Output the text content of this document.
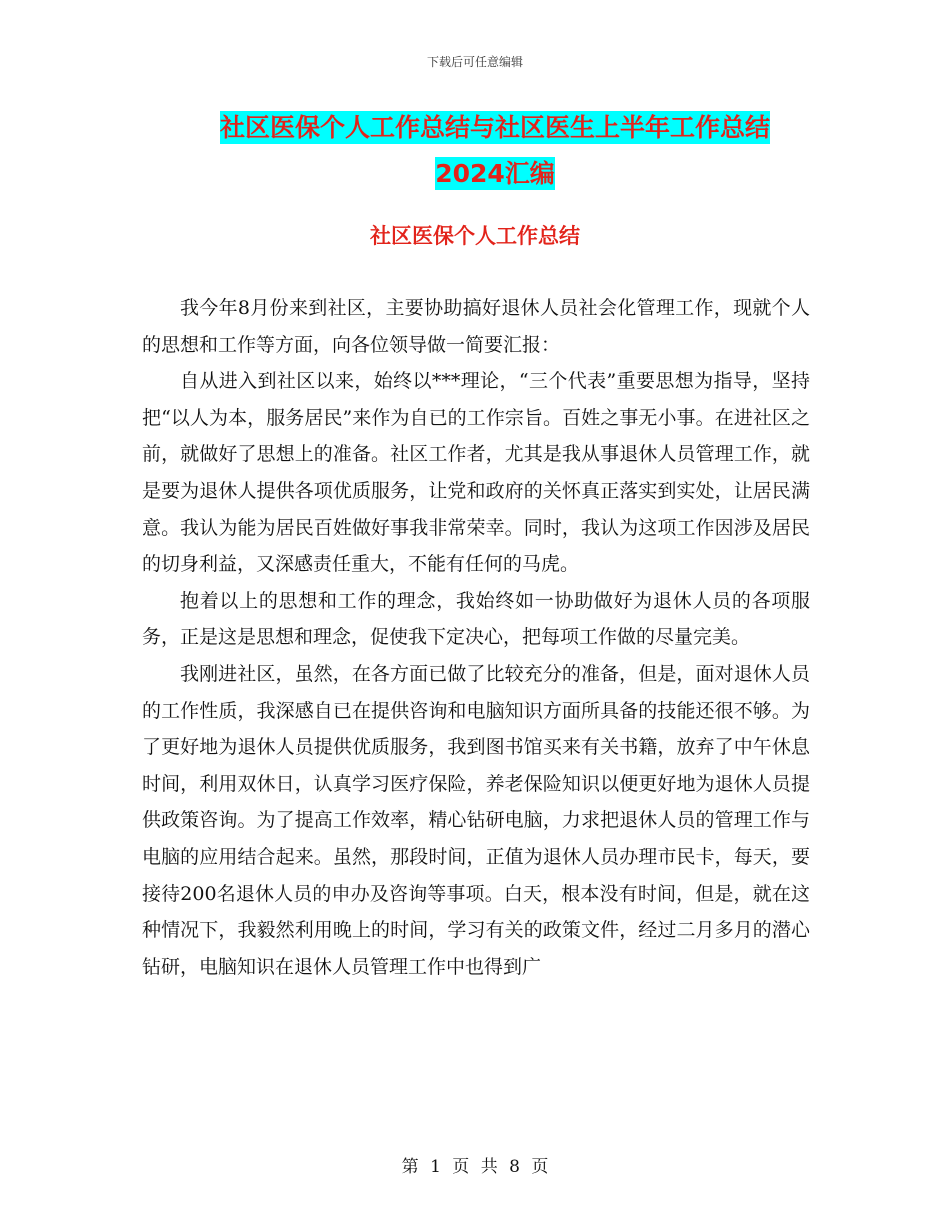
下载后可任意编辑
社区医保个人工作总结与社区医生上半年工作总结
2024汇编
社区医保个人工作总结

我今年8月份来到社区，主要协助搞好退休人员社会化管理工作，现就个人的思想和工作等方面，向各位领导做一简要汇报：

自从进入到社区以来，始终以***理论，“三个代表”重要思想为指导，坚持把“以人为本，服务居民”来作为自已的工作宗旨。百姓之事无小事。在进社区之前，就做好了思想上的准备。社区工作者，尤其是我从事退休人员管理工作，就是要为退休人提供各项优质服务，让党和政府的关怀真正落实到实处，让居民满意。我认为能为居民百姓做好事我非常荣幸。同时，我认为这项工作因涉及居民的切身利益，又深感责任重大，不能有任何的马虎。

抱着以上的思想和工作的理念，我始终如一协助做好为退休人员的各项服务，正是这是思想和理念，促使我下定决心，把每项工作做的尽量完美。

我刚进社区，虽然，在各方面已做了比较充分的准备，但是，面对退休人员的工作性质，我深感自已在提供咨询和电脑知识方面所具备的技能还很不够。为了更好地为退休人员提供优质服务，我到图书馆买来有关书籍，放弃了中午休息时间，利用双休日，认真学习医疗保险，养老保险知识以便更好地为退休人员提供政策咨询。为了提高工作效率，精心钻研电脑，力求把退休人员的管理工作与电脑的应用结合起来。虽然，那段时间，正值为退休人员办理市民卡，每天，要接待200名退休人员的申办及咨询等事项。白天，根本没有时间，但是，就在这种情况下，我毅然利用晚上的时间，学习有关的政策文件，经过二月多月的潜心钻研，电脑知识在退休人员管理工作中也得到广

第 1 页 共 8 页
